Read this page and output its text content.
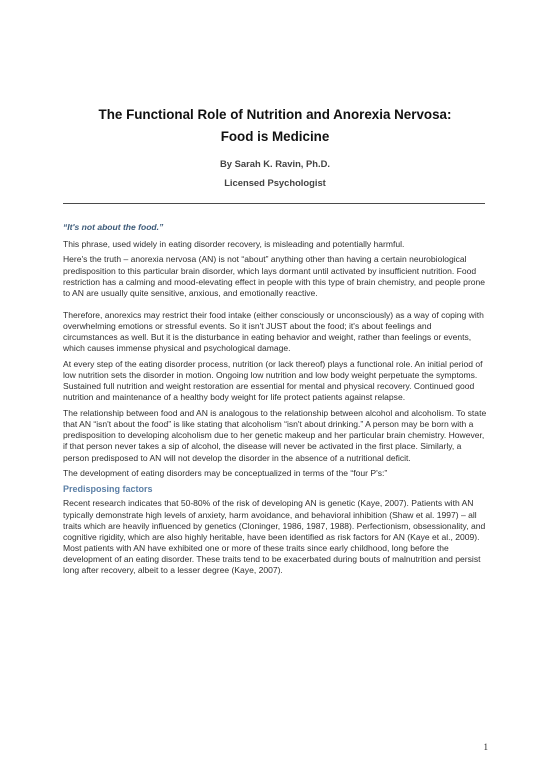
The Functional Role of Nutrition and Anorexia Nervosa:
Food is Medicine
By Sarah K. Ravin, Ph.D.
Licensed Psychologist

“It's not about the food.”

This phrase, used widely in eating disorder recovery, is misleading and potentially harmful.

Here's the truth – anorexia nervosa (AN) is not “about” anything other than having a certain neurobiological predisposition to this particular brain disorder, which lays dormant until activated by insufficient nutrition. Food restriction has a calming and mood-elevating effect in people with this type of brain chemistry, and people prone to AN are usually quite sensitive, anxious, and emotionally reactive.

Therefore, anorexics may restrict their food intake (either consciously or unconsciously) as a way of coping with overwhelming emotions or stressful events. So it isn't JUST about the food; it's about feelings and circumstances as well. But it is the disturbance in eating behavior and weight, rather than feelings or events, which causes immense physical and psychological damage.

At every step of the eating disorder process, nutrition (or lack thereof) plays a functional role. An initial period of low nutrition sets the disorder in motion. Ongoing low nutrition and low body weight perpetuate the symptoms. Sustained full nutrition and weight restoration are essential for mental and physical recovery. Continued good nutrition and maintenance of a healthy body weight for life protect patients against relapse.

The relationship between food and AN is analogous to the relationship between alcohol and alcoholism. To state that AN “isn't about the food” is like stating that alcoholism “isn't about drinking.” A person may be born with a predisposition to developing alcoholism due to her genetic makeup and her particular brain chemistry. However, if that person never takes a sip of alcohol, the disease will never be activated in the first place. Similarly, a person predisposed to AN will not develop the disorder in the absence of a nutritional deficit.

The development of eating disorders may be conceptualized in terms of the “four P's:”

Predisposing factors

Recent research indicates that 50-80% of the risk of developing AN is genetic (Kaye, 2007). Patients with AN typically demonstrate high levels of anxiety, harm avoidance, and behavioral inhibition (Shaw et al. 1997) – all traits which are heavily influenced by genetics (Cloninger, 1986, 1987, 1988). Perfectionism, obsessionality, and cognitive rigidity, which are also highly heritable, have been identified as risk factors for AN (Kaye et al., 2009). Most patients with AN have exhibited one or more of these traits since early childhood, long before the development of an eating disorder. These traits tend to be exacerbated during bouts of malnutrition and persist long after recovery, albeit to a lesser degree (Kaye, 2007).

1
